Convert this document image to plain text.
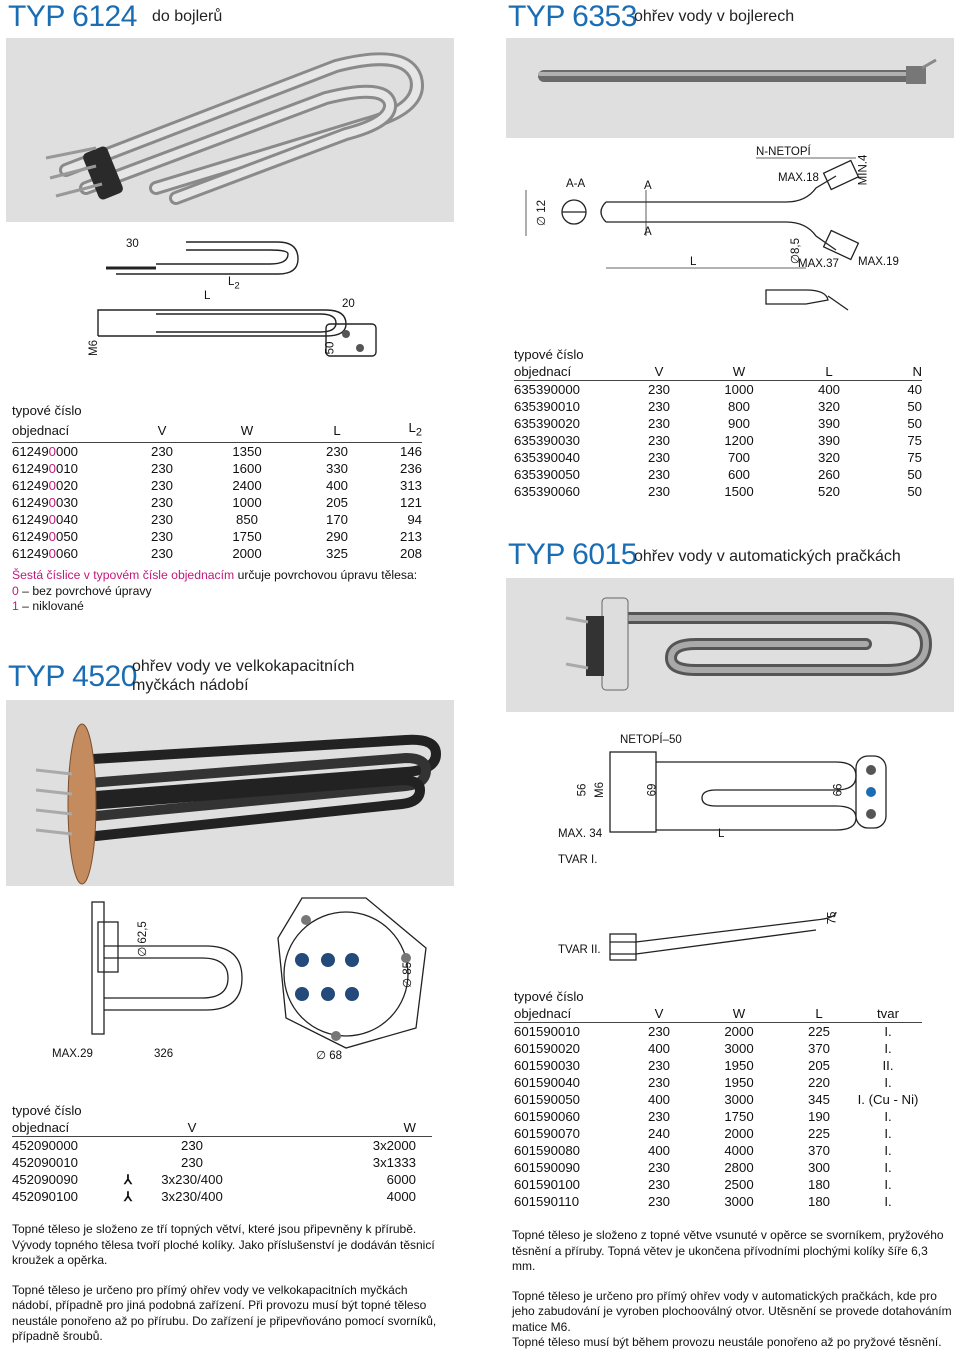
TYP 6124 do bojlerů
30
$L_2$
L
20
M6	50
typové číslo				
objednací	V	W	L	$L_2$
612490000	230	1350	230	146
612490010	230	1600	330	236
612490020	230	2400	400	313
612490030	230	1000	205	121
612490040	230	850	170	94
612490050	230	1750	290	213
612490060	230	2000	325	208
Šestá číslice v typovém čísle objednacím určuje povrchovou úpravu tělesa:
0 – bez povrchové úpravy
1 – niklované
TYP 6353
ohřev vody v bojlerech
N-NETOPÍ
MAX.18	MIN.4
A-A	A
A
∅ 12
L	∅8,5
MAX.37 MAX.19
typové číslo				
objednací	V	W	L	N
635390000	230	1000	400	40
635390010	230	800	320	50
635390020	230	900	390	50
635390030	230	1200	390	75
635390040	230	700	320	75
635390050	230	600	260	50
635390060	230	1500	520	50
TYP 6015
ohřev vody v automatických pračkách
NETOPÍ–50
56 M6	69	66
MAX. 34	L
TVAR I.
75
TVAR II.
typové číslo				
objednací	V	W	L	tvar
601590010	230	2000	225	I.
601590020	400	3000	370	I.
601590030	230	1950	205	II.
601590040	230	1950	220	I.
601590050	400	3000	345	I. (Cu - Ni)
601590060	230	1750	190	I.
601590070	240	2000	225	I.
601590080	400	4000	370	I.
601590090	230	2800	300	I.
601590100	230	2500	180	I.
601590110	230	3000	180	I.
Topné těleso je složeno z topné větve vsunuté v opěrce se svorníkem, pryžového těsnění a příruby. Topná větev je ukončena přívodními plochými kolíky šíře 6,3 mm.
Topné těleso je určeno pro přímý ohřev vody v automatických pračkách, kde pro jeho zabudování je vyroben plochooválný otvor. Utěsnění se provede dotahováním matice M6.
Topné těleso musí být během provozu neustále ponořeno až po pryžové těsnění.
TYP 4520
ohřev vody ve velkokapacitních
myčkách nádobí
∅ 62,5
∅ 85
MAX.29	326	∅ 68
typové číslo			
objednací		V	W
452090000		230	3x2000
452090010		230	3x1333
452090090	⅄	3x230/400	6000
452090100	⅄	3x230/400	4000
Topné těleso je složeno ze tří topných větví, které jsou připevněny k přírubě. Vývody topného tělesa tvoří ploché kolíky. Jako příslušenství je dodáván těsnicí kroužek a opěrka.
Topné těleso je určeno pro přímý ohřev vody ve velkokapacitních myčkách nádobí, případně pro jiná podobná zařízení. Při provozu musí být topné těleso neustále ponořeno až po přírubu. Do zařízení je připevňováno pomocí svorníků, případně šroubů.
